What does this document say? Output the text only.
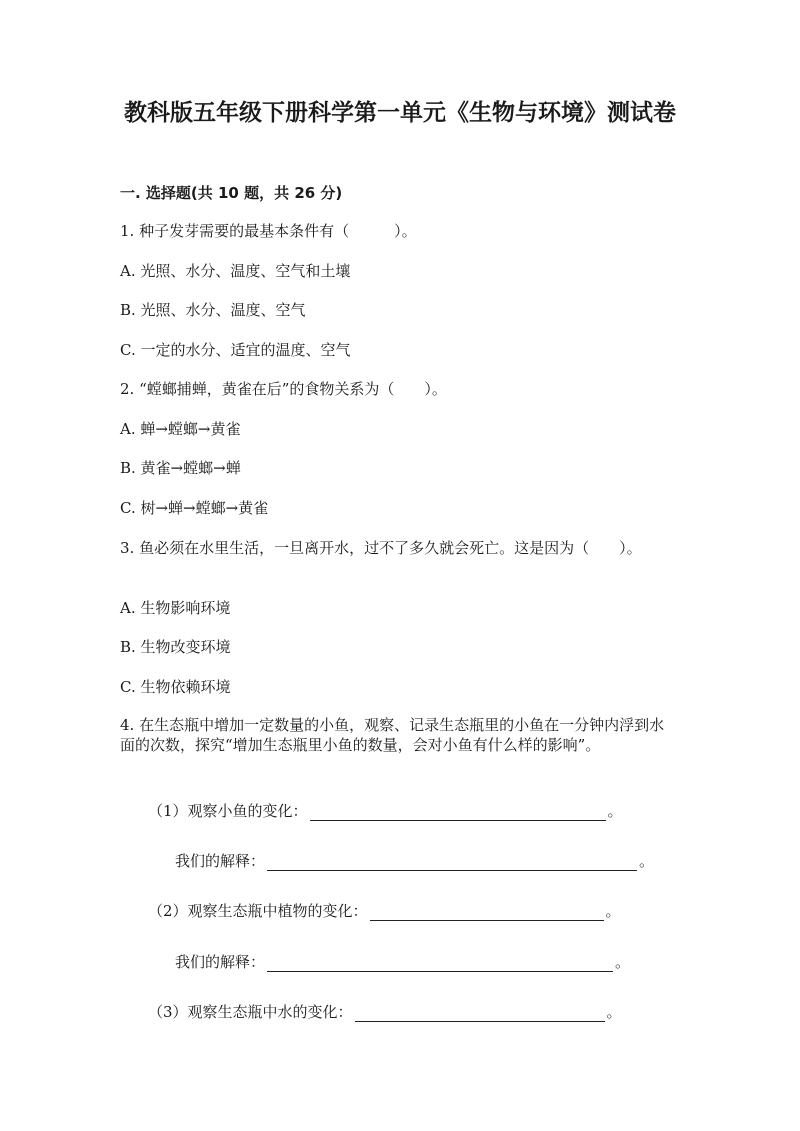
教科版五年级下册科学第一单元《生物与环境》测试卷
一. 选择题(共 10 题，共 26 分)
1. 种子发芽需要的最基本条件有（　　　）。
A. 光照、水分、温度、空气和土壤
B. 光照、水分、温度、空气
C. 一定的水分、适宜的温度、空气
2. “螳螂捕蝉，黄雀在后”的食物关系为（　　）。
A. 蝉→螳螂→黄雀
B. 黄雀→螳螂→蝉
C. 树→蝉→螳螂→黄雀
3. 鱼必须在水里生活，一旦离开水，过不了多久就会死亡。这是因为（　　）。
A. 生物影响环境
B. 生物改变环境
C. 生物依赖环境
4. 在生态瓶中增加一定数量的小鱼，观察、记录生态瓶里的小鱼在一分钟内浮到水面的次数，探究“增加生态瓶里小鱼的数量，会对小鱼有什么样的影响”。
（1）观察小鱼的变化：	。
我们的解释：	。
（2）观察生态瓶中植物的变化：	。
我们的解释：	。
（3）观察生态瓶中水的变化：	。
